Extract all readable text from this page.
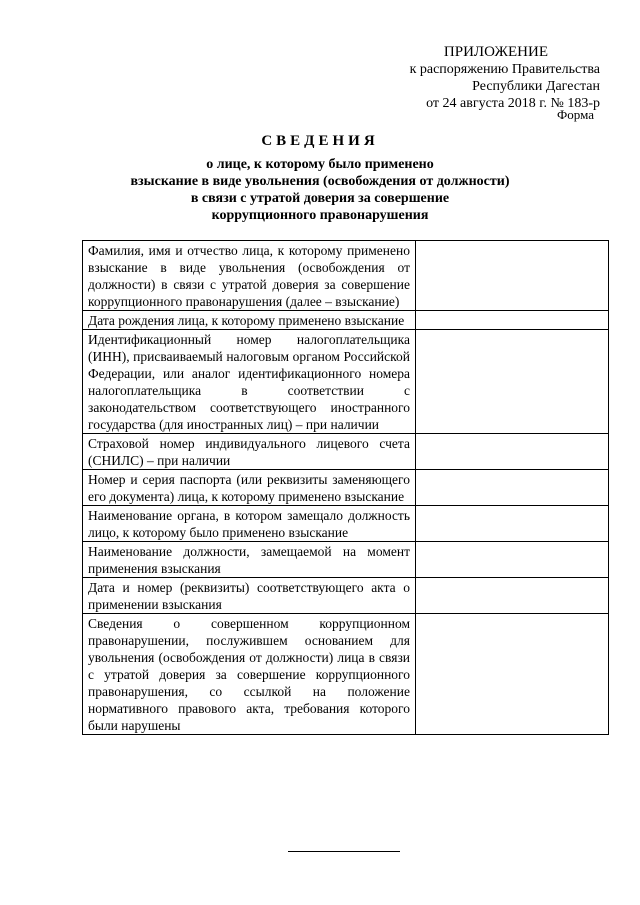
ПРИЛОЖЕНИЕ
к распоряжению Правительства
Республики Дагестан
от 24 августа 2018 г. № 183-р
Форма
СВЕДЕНИЯ
о лице, к которому было применено
взыскание в виде увольнения (освобождения от должности)
в связи с утратой доверия за совершение
коррупционного правонарушения
Фамилия, имя и отчество лица, к которому применено взыскание в виде увольнения (освобождения от должности) в связи с утратой доверия за совершение коррупционного правонарушения (далее – взыскание)	
Дата рождения лица, к которому применено взыскание	
Идентификационный номер налогоплательщика (ИНН), присваиваемый налоговым органом Российской Федерации, или аналог идентификационного номера налогоплательщика в соответствии с законодательством соответствующего иностранного государства (для иностранных лиц) – при наличии	
Страховой номер индивидуального лицевого счета (СНИЛС) – при наличии	
Номер и серия паспорта (или реквизиты заменяющего его документа) лица, к которому применено взыскание	
Наименование органа, в котором замещало должность лицо, к которому было применено взыскание	
Наименование должности, замещаемой на момент применения взыскания	
Дата и номер (реквизиты) соответствующего акта о применении взыскания	
Сведения о совершенном коррупционном правонарушении, послужившем основанием для увольнения (освобождения от должности) лица в связи с утратой доверия за совершение коррупционного правонарушения, со ссылкой на положение нормативного правового акта, требования которого были нарушены	
